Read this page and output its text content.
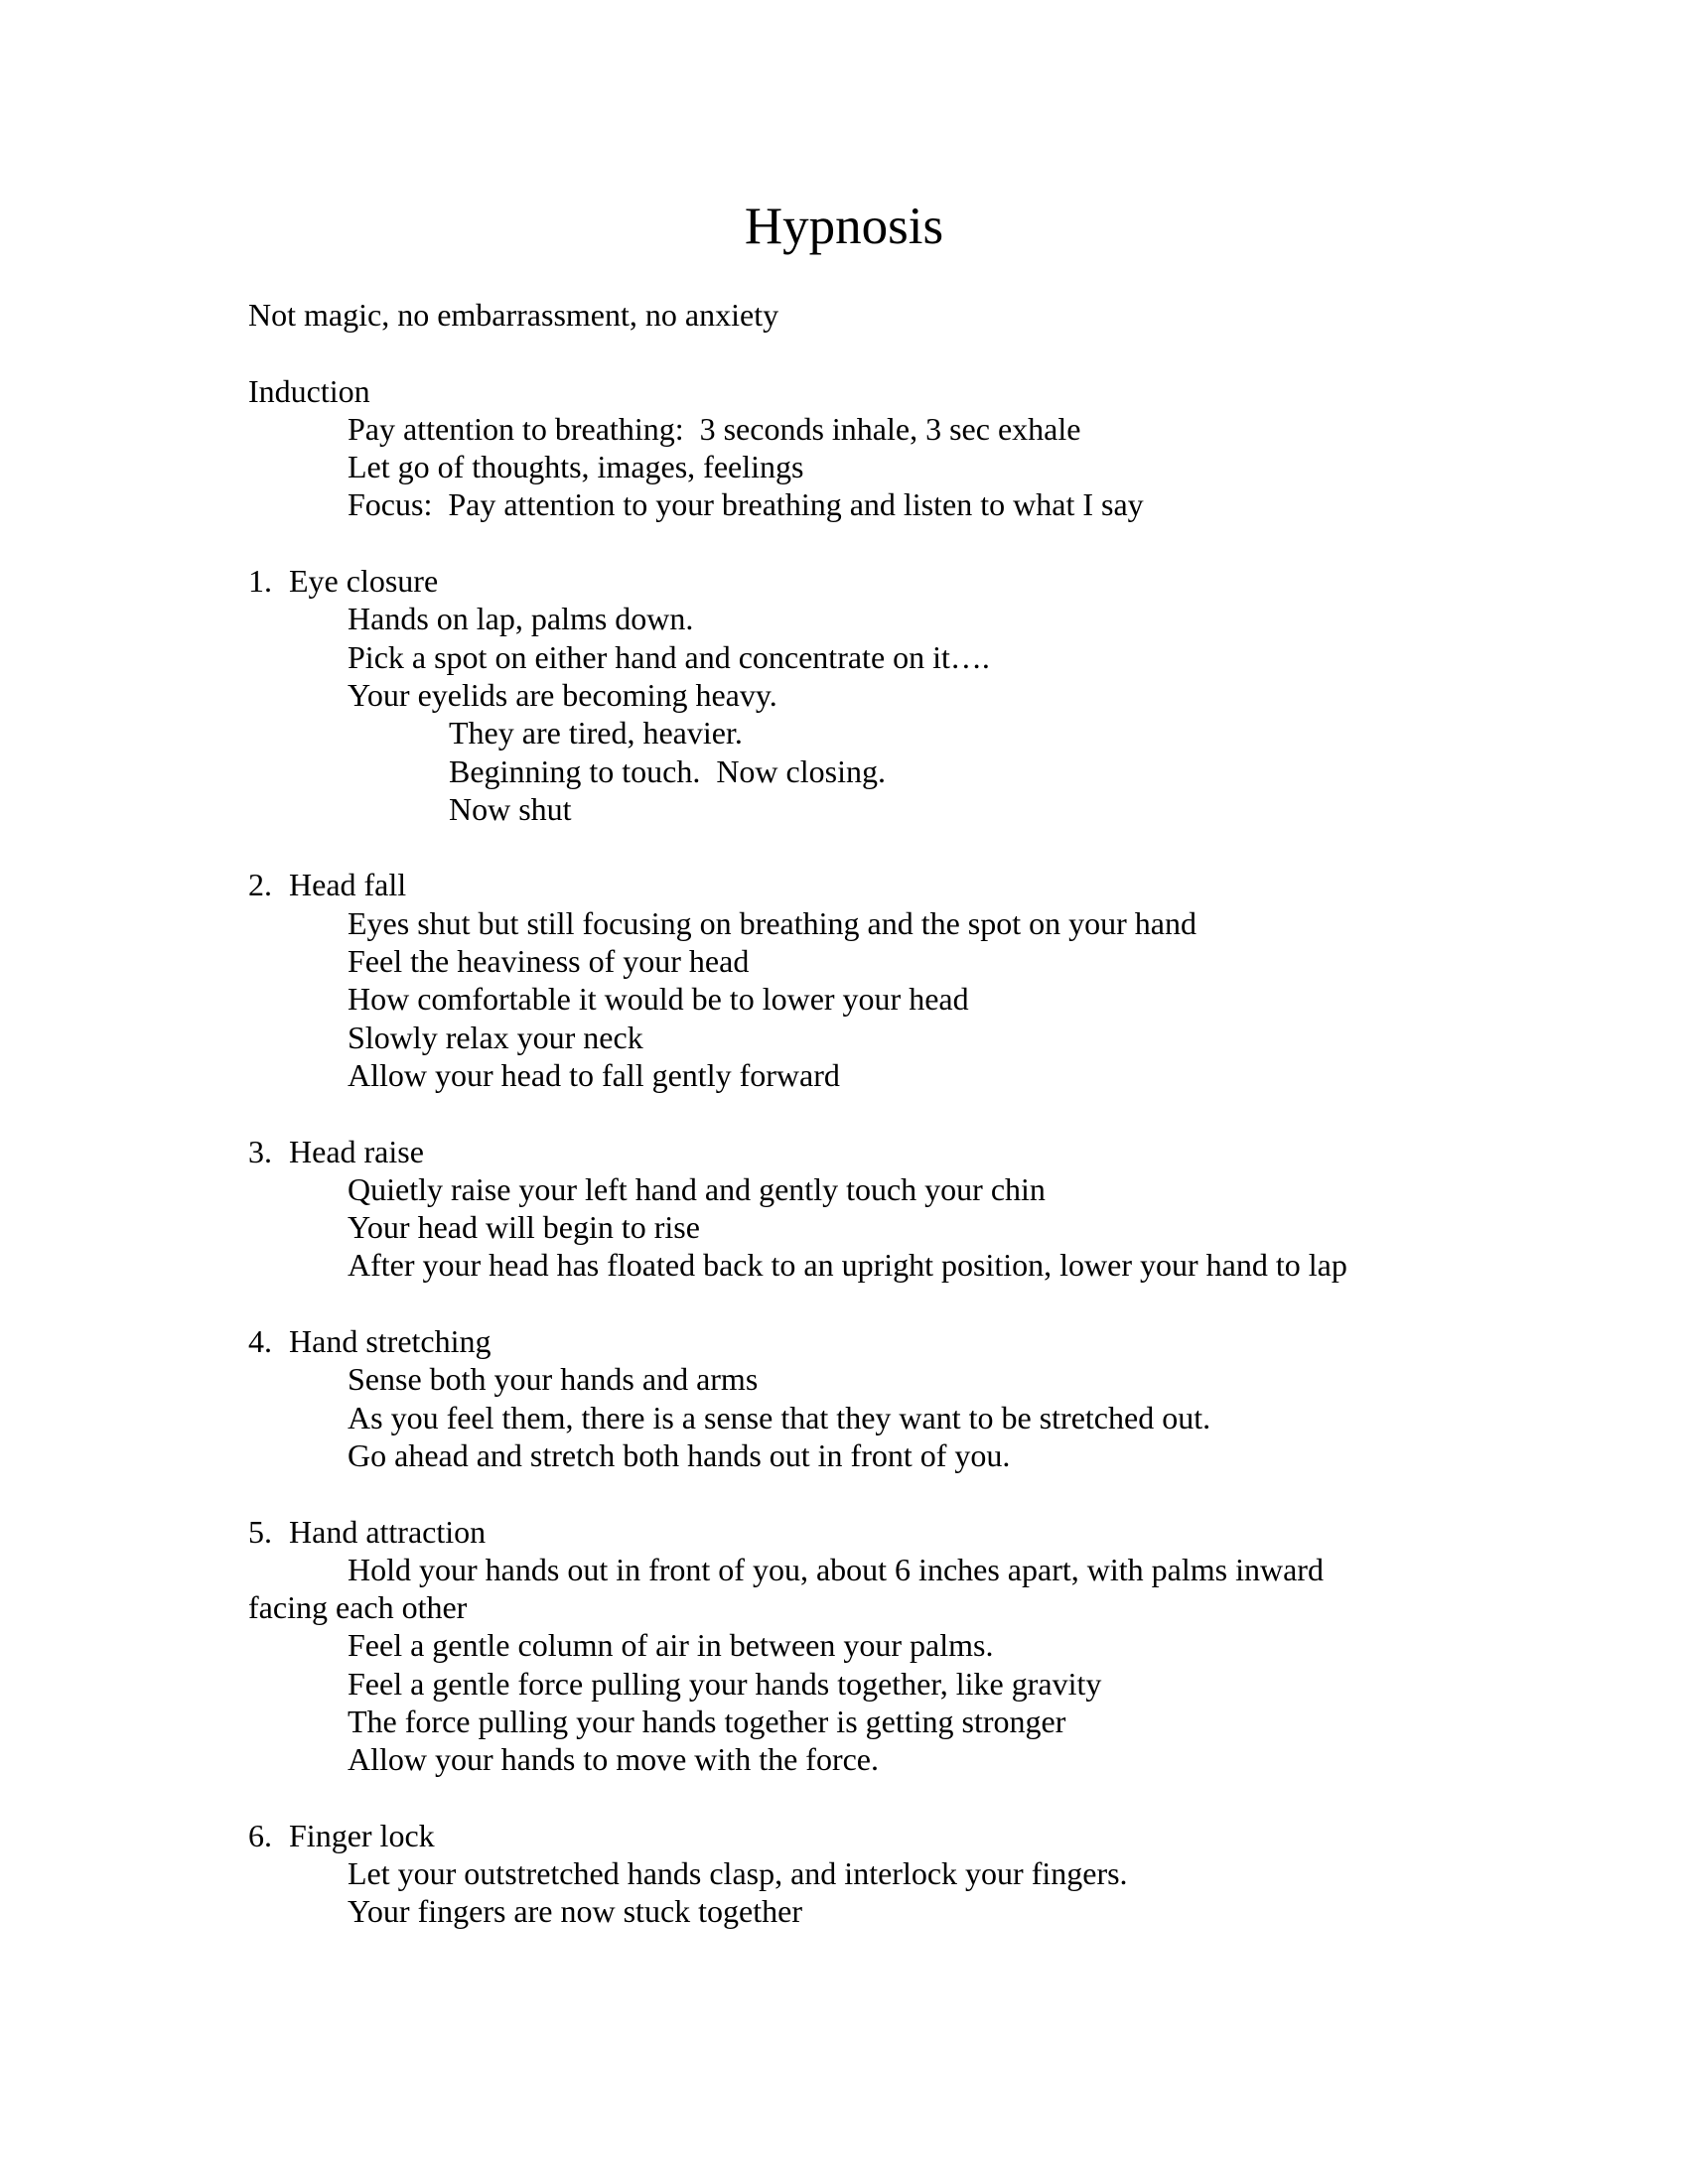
Hypnosis
Not magic, no embarrassment, no anxiety
Induction
Pay attention to breathing:  3 seconds inhale, 3 sec exhale
Let go of thoughts, images, feelings
Focus:  Pay attention to your breathing and listen to what I say
1. Eye closure
Hands on lap, palms down.
Pick a spot on either hand and concentrate on it….
Your eyelids are becoming heavy.
They are tired, heavier.
Beginning to touch.  Now closing.
Now shut
2. Head fall
Eyes shut but still focusing on breathing and the spot on your hand
Feel the heaviness of your head
How comfortable it would be to lower your head
Slowly relax your neck
Allow your head to fall gently forward
3. Head raise
Quietly raise your left hand and gently touch your chin
Your head will begin to rise
After your head has floated back to an upright position, lower your hand to lap
4. Hand stretching
Sense both your hands and arms
As you feel them, there is a sense that they want to be stretched out.
Go ahead and stretch both hands out in front of you.
5. Hand attraction
Hold your hands out in front of you, about 6 inches apart, with palms inward
facing each other
Feel a gentle column of air in between your palms.
Feel a gentle force pulling your hands together, like gravity
The force pulling your hands together is getting stronger
Allow your hands to move with the force.
6. Finger lock
Let your outstretched hands clasp, and interlock your fingers.
Your fingers are now stuck together
